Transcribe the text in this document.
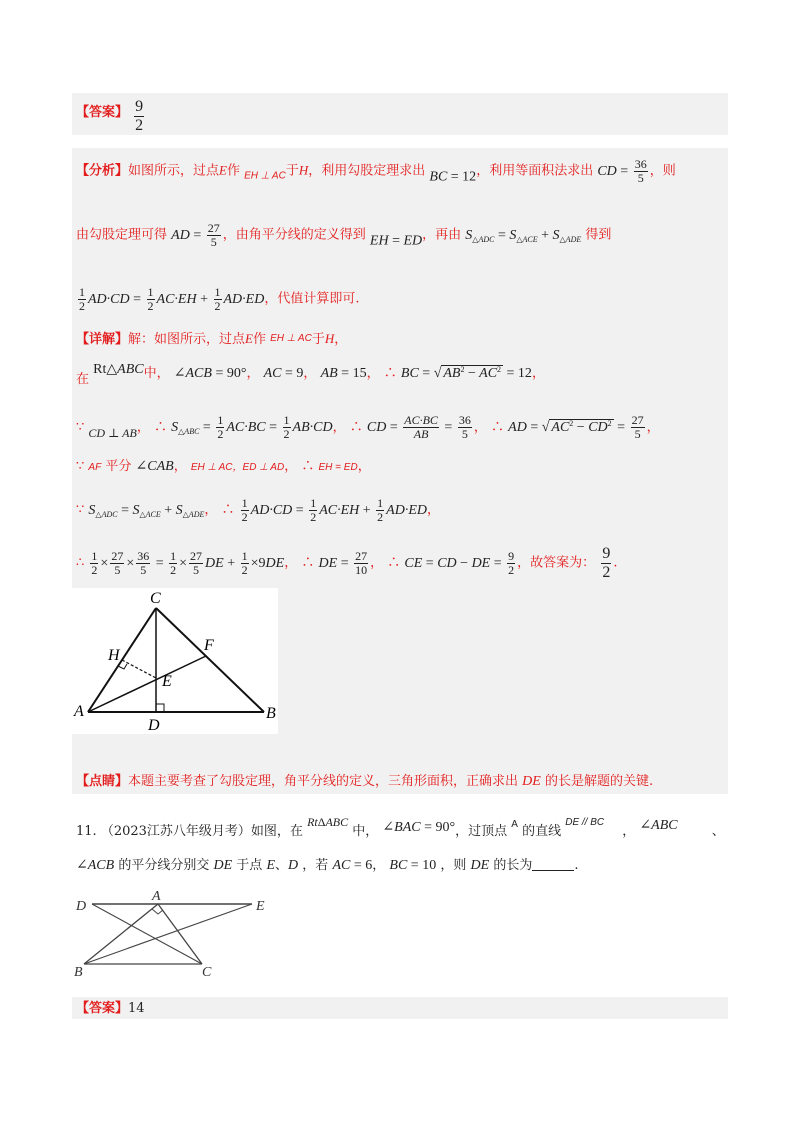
【答案】 $\frac{9}{2}$
【分析】如图所示，过点E作 $_{EH \perp AC}$于H，利用勾股定理求出 BC = 12，利用等面积法求出 CD = $\frac{36}{5}$ ，则
由勾股定理可得 AD = $\frac{27}{5}$ ，由角平分线的定义得到 EH = ED，再由 $S_{\triangle ADC} = S_{\triangle ACE} + S_{\triangle ADE}$ 得到
$\frac{1}{2} AD\cdot CD = \frac{1}{2} AC\cdot EH + \frac{1}{2} AD\cdot ED$，代值计算即可.
【详解】解：如图所示，过点E作 EH ⊥ AC于H，
在 Rt△ABC中， ∠ACB = 90°， AC = 9， AB = 15， ∴ BC = √ $AB^2 - AC^2 = 12$，
∵ CD ⊥ AB， ∴ $S_{\triangle ABC} = \frac{1}{2} AC\cdot BC = \frac{1}{2} AB\cdot CD$， ∴ CD = $\frac{AC\cdot BC}{AB} = \frac{36}{5}$ ， ∴ AD = √ $AC^2 - CD^2 = \frac{27}{5}$ ，
∵ AF 平分 ∠CAB， EH ⊥ AC，ED ⊥ AD， ∴ EH = ED，
∵ $S_{\triangle ADC} = S_{\triangle ACE} + S_{\triangle ADE}$， ∴ $\frac{1}{2} AD\cdot CD = \frac{1}{2} AC\cdot EH + \frac{1}{2} AD\cdot ED$，
∴ $\frac{1}{2} \times \frac{27}{5} \times \frac{36}{5} = \frac{1}{2} \times \frac{27}{5}$ DE + $\frac{1}{2} \times 9DE$， ∴ DE = $\frac{27}{10}$ ， ∴ CE = CD − DE = $\frac{9}{2}$ ，故答案为： $\frac{9}{2}$ .
C
H
F
E
A
D
B
【点睛】本题主要考查了勾股定理，角平分线的定义，三角形面积，正确求出 DE 的长是解题的关键.
11. （2023江苏八年级月考）如图，在 RtΔABC 中， ∠BAC = 90°，过顶点 $^A$ 的直线 $^{DE // BC}$ ， ∠ABC	、
∠ACB 的平分线分别交 DE 于点 E、D ，若 AC = 6， BC = 10 ，则 DE 的长为	.
D
A
E
B	C
【答案】14
